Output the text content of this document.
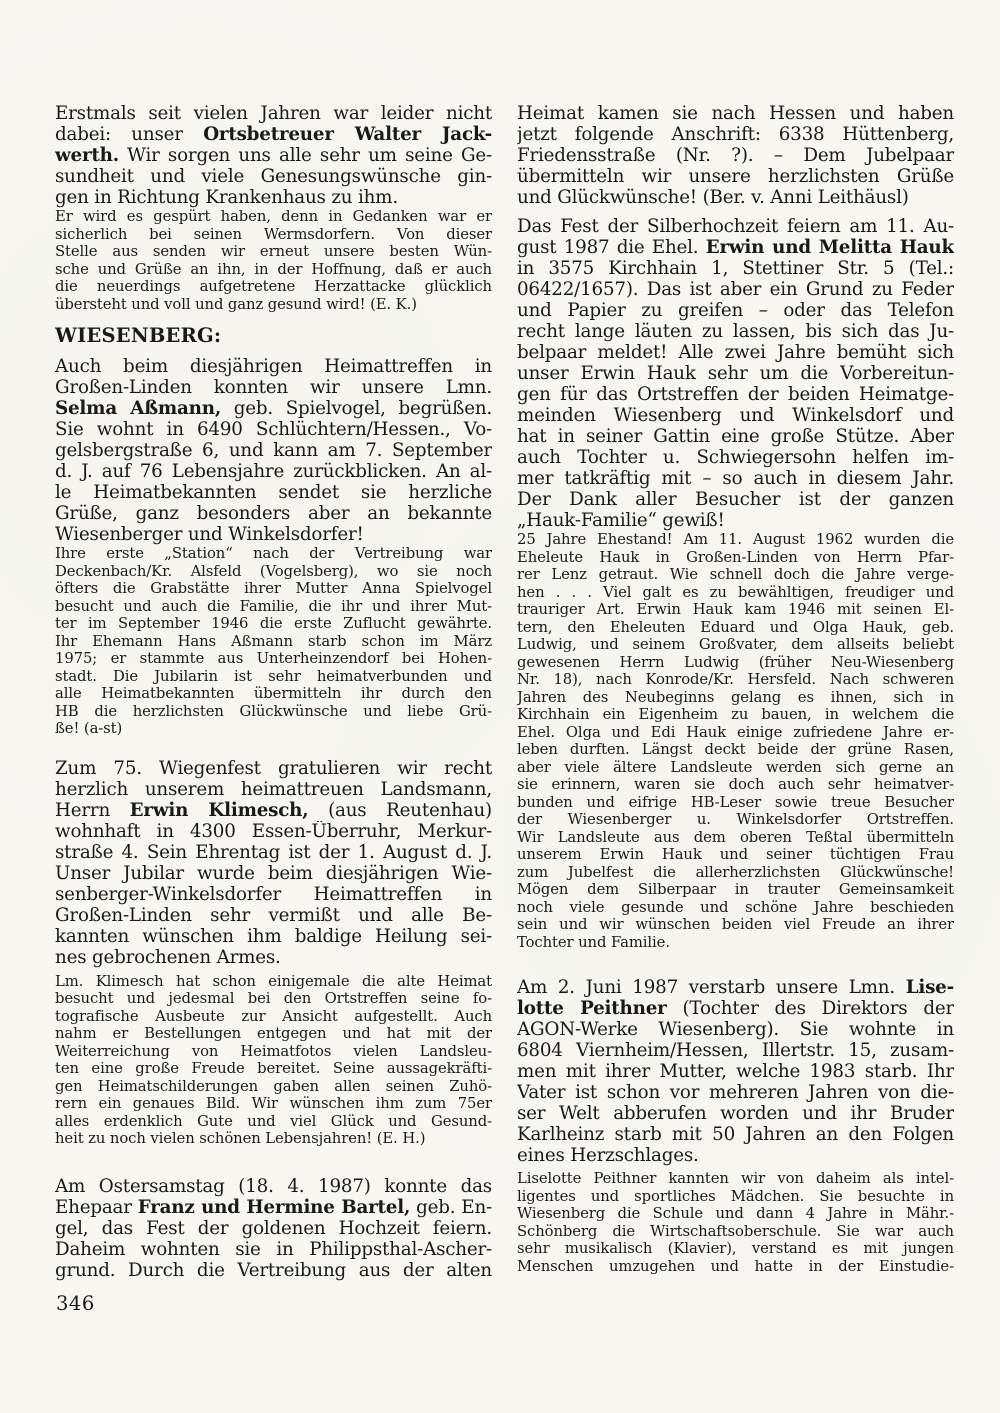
Erstmals seit vielen Jahren war leider nicht
dabei: unser Ortsbetreuer Walter Jack-
werth. Wir sorgen uns alle sehr um seine Ge-
sundheit und viele Genesungswünsche gin-
gen in Richtung Krankenhaus zu ihm.
Er wird es gespürt haben, denn in Gedanken war er
sicherlich bei seinen Wermsdorfern. Von dieser
Stelle aus senden wir erneut unsere besten Wün-
sche und Grüße an ihn, in der Hoffnung, daß er auch
die neuerdings aufgetretene Herzattacke glücklich
übersteht und voll und ganz gesund wird! (E. K.)
WIESENBERG:
Auch beim diesjährigen Heimattreffen in
Großen-Linden konnten wir unsere Lmn.
Selma Aßmann, geb. Spielvogel, begrüßen.
Sie wohnt in 6490 Schlüchtern/Hessen., Vo-
gelsbergstraße 6, und kann am 7. September
d. J. auf 76 Lebensjahre zurückblicken. An al-
le Heimatbekannten sendet sie herzliche
Grüße, ganz besonders aber an bekannte
Wiesenberger und Winkelsdorfer!
Ihre erste „Station“ nach der Vertreibung war
Deckenbach/Kr. Alsfeld (Vogelsberg), wo sie noch
öfters die Grabstätte ihrer Mutter Anna Spielvogel
besucht und auch die Familie, die ihr und ihrer Mut-
ter im September 1946 die erste Zuflucht gewährte.
Ihr Ehemann Hans Aßmann starb schon im März
1975; er stammte aus Unterheinzendorf bei Hohen-
stadt. Die Jubilarin ist sehr heimatverbunden und
alle Heimatbekannten übermitteln ihr durch den
HB die herzlichsten Glückwünsche und liebe Grü-
ße! (a-st)
Zum 75. Wiegenfest gratulieren wir recht
herzlich unserem heimattreuen Landsmann,
Herrn Erwin Klimesch, (aus Reutenhau)
wohnhaft in 4300 Essen-Überruhr, Merkur-
straße 4. Sein Ehrentag ist der 1. August d. J.
Unser Jubilar wurde beim diesjährigen Wie-
senberger-Winkelsdorfer Heimattreffen in
Großen-Linden sehr vermißt und alle Be-
kannten wünschen ihm baldige Heilung sei-
nes gebrochenen Armes.
Lm. Klimesch hat schon einigemale die alte Heimat
besucht und jedesmal bei den Ortstreffen seine fo-
tografische Ausbeute zur Ansicht aufgestellt. Auch
nahm er Bestellungen entgegen und hat mit der
Weiterreichung von Heimatfotos vielen Landsleu-
ten eine große Freude bereitet. Seine aussagekräfti-
gen Heimatschilderungen gaben allen seinen Zuhö-
rern ein genaues Bild. Wir wünschen ihm zum 75er
alles erdenklich Gute und viel Glück und Gesund-
heit zu noch vielen schönen Lebensjahren! (E. H.)
Am Ostersamstag (18. 4. 1987) konnte das
Ehepaar Franz und Hermine Bartel, geb. En-
gel, das Fest der goldenen Hochzeit feiern.
Daheim wohnten sie in Philippsthal-Ascher-
grund. Durch die Vertreibung aus der alten
Heimat kamen sie nach Hessen und haben
jetzt folgende Anschrift: 6338 Hüttenberg,
Friedensstraße (Nr. ?). – Dem Jubelpaar
übermitteln wir unsere herzlichsten Grüße
und Glückwünsche! (Ber. v. Anni Leithäusl)
Das Fest der Silberhochzeit feiern am 11. Au-
gust 1987 die Ehel. Erwin und Melitta Hauk
in 3575 Kirchhain 1, Stettiner Str. 5 (Tel.:
06422/1657). Das ist aber ein Grund zu Feder
und Papier zu greifen – oder das Telefon
recht lange läuten zu lassen, bis sich das Ju-
belpaar meldet! Alle zwei Jahre bemüht sich
unser Erwin Hauk sehr um die Vorbereitun-
gen für das Ortstreffen der beiden Heimatge-
meinden Wiesenberg und Winkelsdorf und
hat in seiner Gattin eine große Stütze. Aber
auch Tochter u. Schwiegersohn helfen im-
mer tatkräftig mit – so auch in diesem Jahr.
Der Dank aller Besucher ist der ganzen
„Hauk-Familie“ gewiß!
25 Jahre Ehestand! Am 11. August 1962 wurden die
Eheleute Hauk in Großen-Linden von Herrn Pfar-
rer Lenz getraut. Wie schnell doch die Jahre verge-
hen . . . Viel galt es zu bewähltigen, freudiger und
trauriger Art. Erwin Hauk kam 1946 mit seinen El-
tern, den Eheleuten Eduard und Olga Hauk, geb.
Ludwig, und seinem Großvater, dem allseits beliebt
gewesenen Herrn Ludwig (früher Neu-Wiesenberg
Nr. 18), nach Konrode/Kr. Hersfeld. Nach schweren
Jahren des Neubeginns gelang es ihnen, sich in
Kirchhain ein Eigenheim zu bauen, in welchem die
Ehel. Olga und Edi Hauk einige zufriedene Jahre er-
leben durften. Längst deckt beide der grüne Rasen,
aber viele ältere Landsleute werden sich gerne an
sie erinnern, waren sie doch auch sehr heimatver-
bunden und eifrige HB-Leser sowie treue Besucher
der Wiesenberger u. Winkelsdorfer Ortstreffen.
Wir Landsleute aus dem oberen Teßtal übermitteln
unserem Erwin Hauk und seiner tüchtigen Frau
zum Jubelfest die allerherzlichsten Glückwünsche!
Mögen dem Silberpaar in trauter Gemeinsamkeit
noch viele gesunde und schöne Jahre beschieden
sein und wir wünschen beiden viel Freude an ihrer
Tochter und Familie.
Am 2. Juni 1987 verstarb unsere Lmn. Lise-
lotte Peithner (Tochter des Direktors der
AGON-Werke Wiesenberg). Sie wohnte in
6804 Viernheim/Hessen, Illertstr. 15, zusam-
men mit ihrer Mutter, welche 1983 starb. Ihr
Vater ist schon vor mehreren Jahren von die-
ser Welt abberufen worden und ihr Bruder
Karlheinz starb mit 50 Jahren an den Folgen
eines Herzschlages.
Liselotte Peithner kannten wir von daheim als intel-
ligentes und sportliches Mädchen. Sie besuchte in
Wiesenberg die Schule und dann 4 Jahre in Mähr.-
Schönberg die Wirtschaftsoberschule. Sie war auch
sehr musikalisch (Klavier), verstand es mit jungen
Menschen umzugehen und hatte in der Einstudie-
346
